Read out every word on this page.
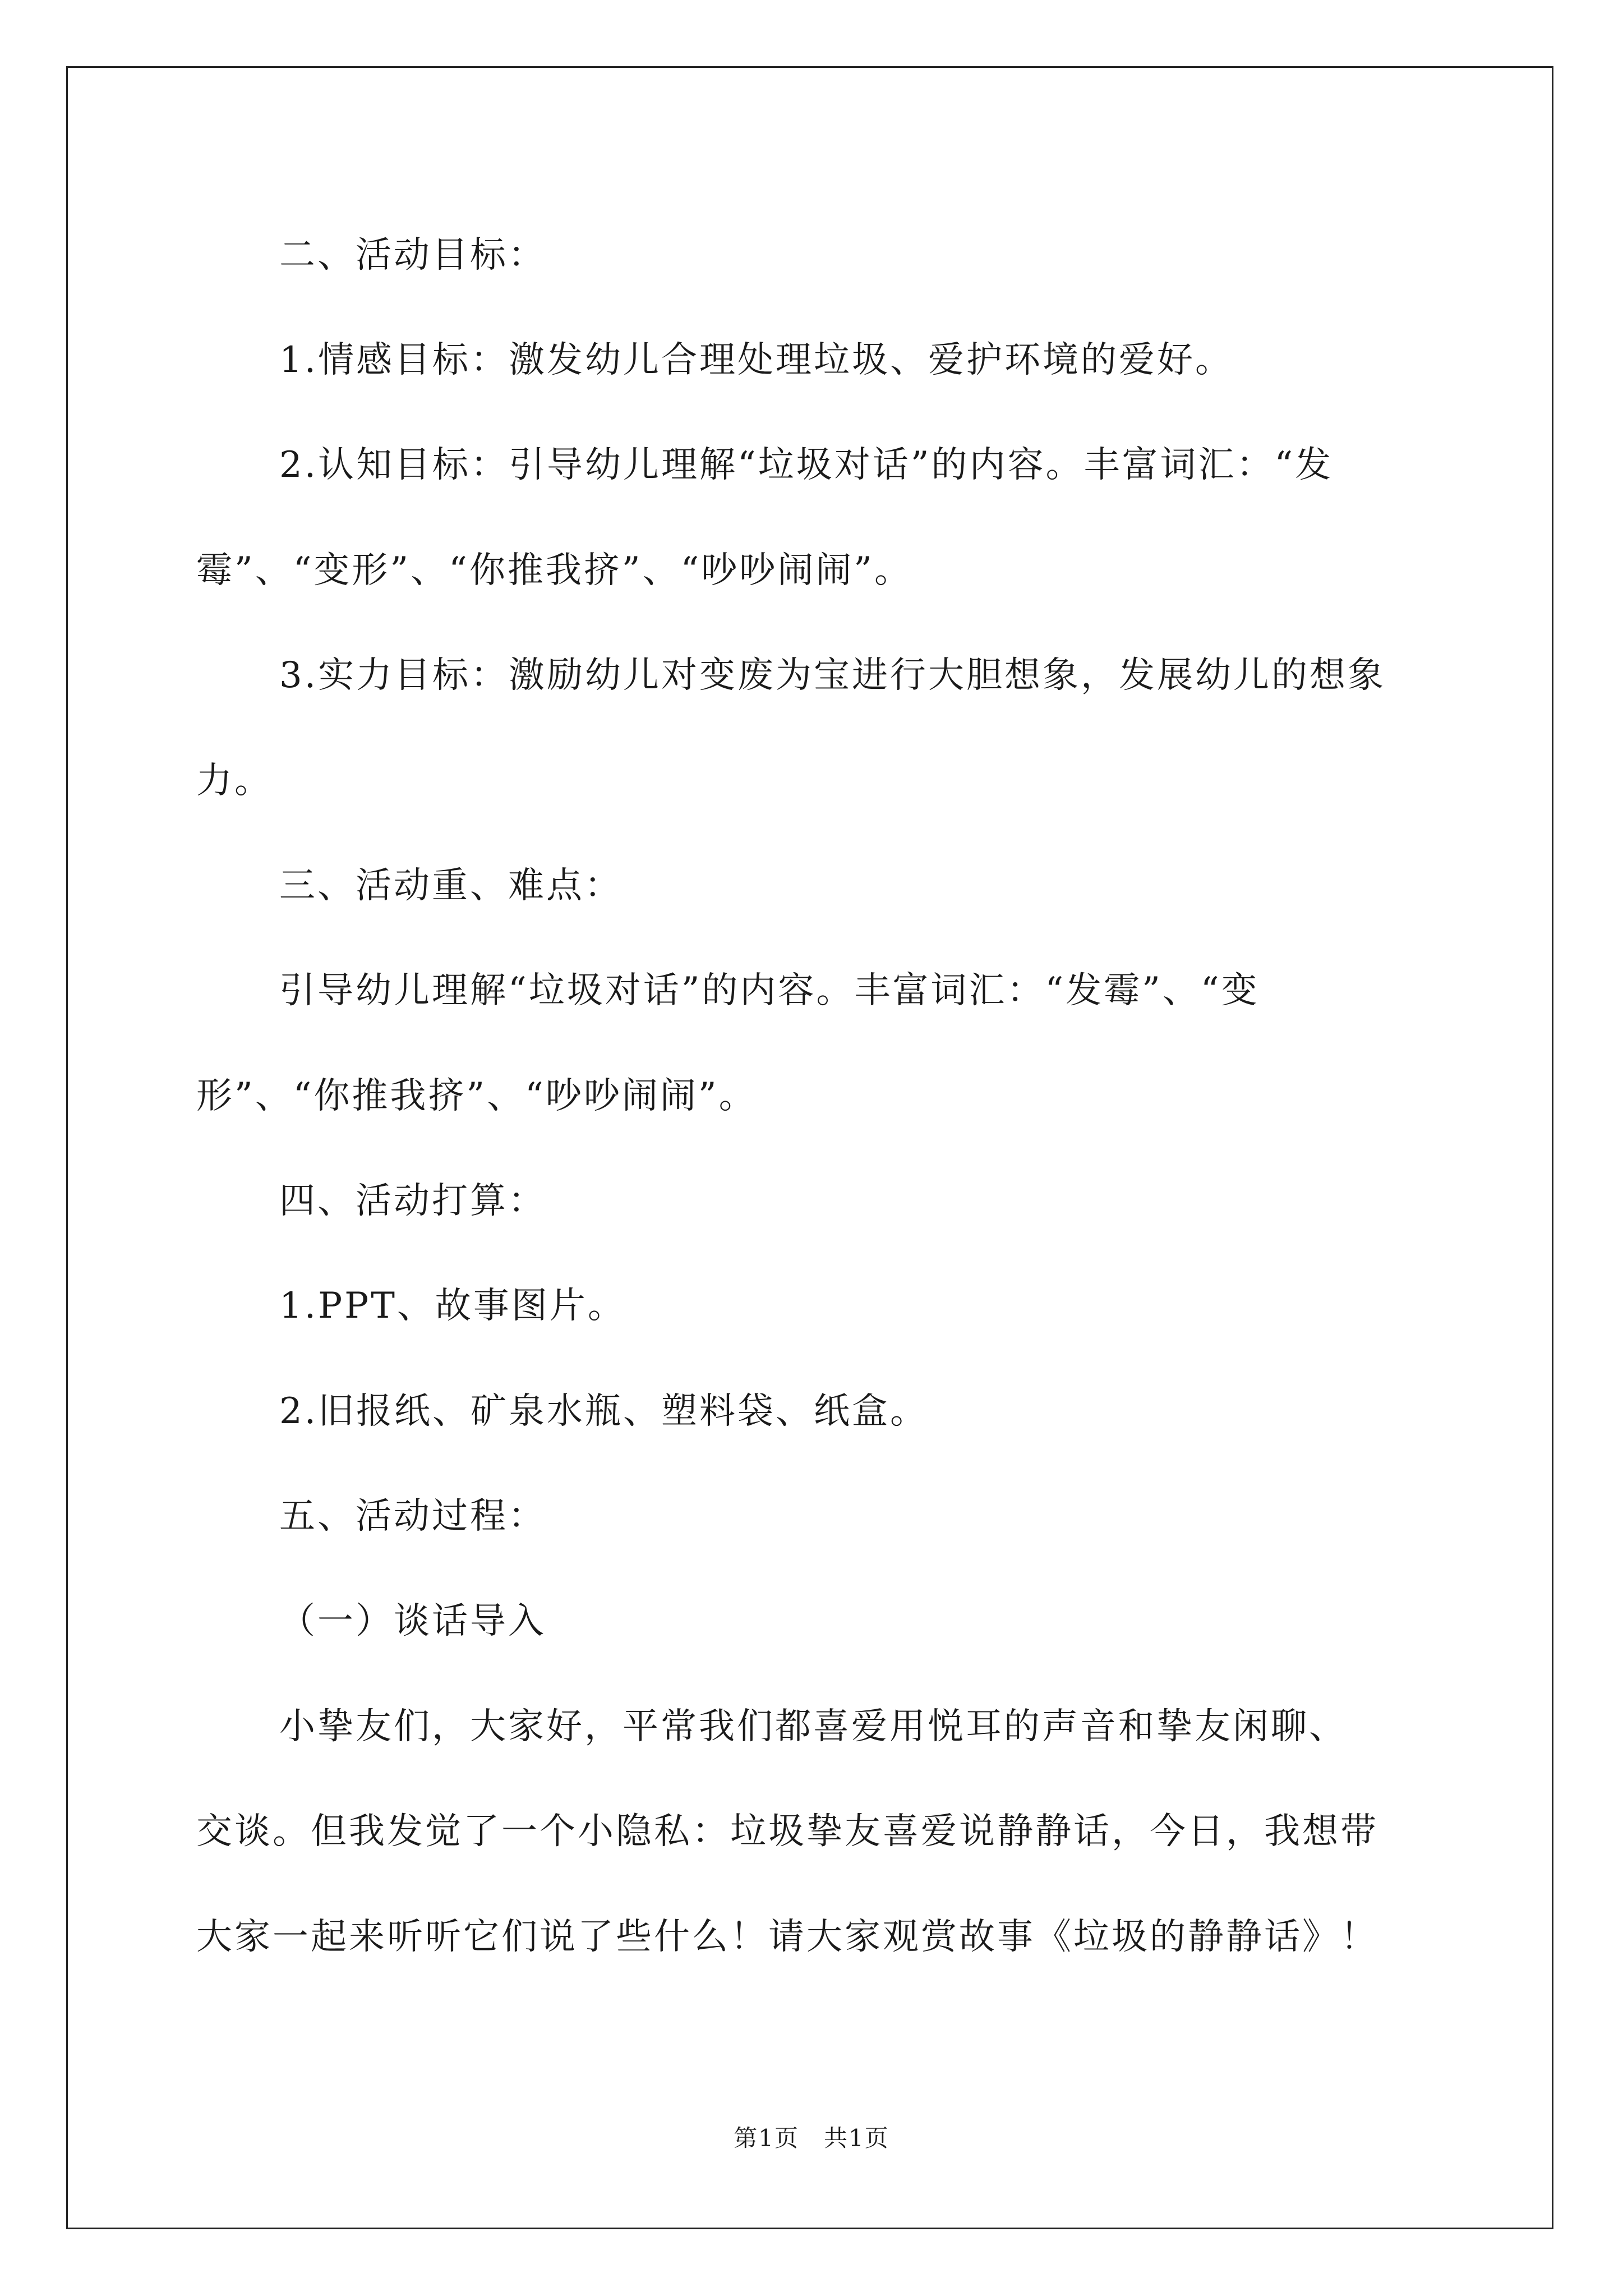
二、活动目标：
1.情感目标：激发幼儿合理处理垃圾、爱护环境的爱好。
2.认知目标：引导幼儿理解“垃圾对话”的内容。丰富词汇：“发
霉”、“变形”、“你推我挤”、“吵吵闹闹”。
3.实力目标：激励幼儿对变废为宝进行大胆想象，发展幼儿的想象
力。
三、活动重、难点：
引导幼儿理解“垃圾对话”的内容。丰富词汇：“发霉”、“变
形”、“你推我挤”、“吵吵闹闹”。
四、活动打算：
1.PPT、故事图片。
2.旧报纸、矿泉水瓶、塑料袋、纸盒。
五、活动过程：
（一）谈话导入
小挚友们，大家好，平常我们都喜爱用悦耳的声音和挚友闲聊、
交谈。但我发觉了一个小隐私：垃圾挚友喜爱说静静话，今日，我想带
大家一起来听听它们说了些什么！请大家观赏故事《垃圾的静静话》！
第1页　共1页
